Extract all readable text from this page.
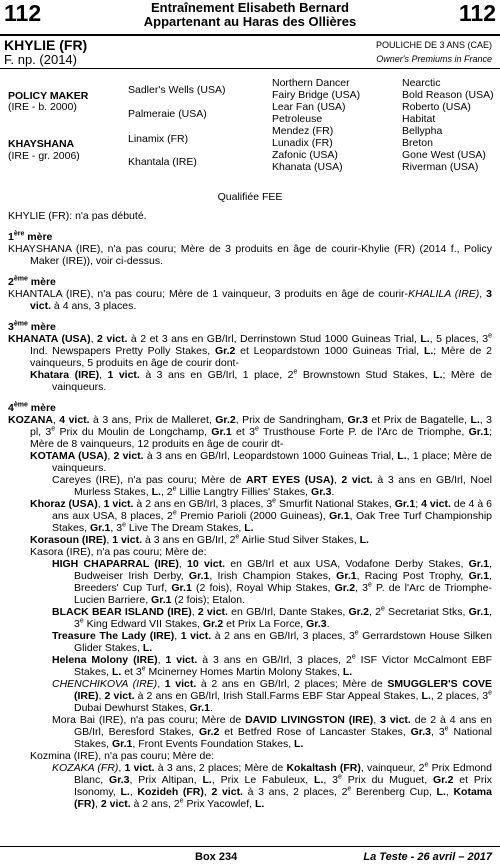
112	Entraînement Elisabeth Bernard
Appartenant au Haras des Ollières	112
KHYLIE (FR)
F. np. (2014)
POULICHE DE 3 ANS (CAE)
Owner's Premiums in France
POLICY MAKER
(IRE - b. 2000)
KHAYSHANA
(IRE - gr. 2006)
Sadler's Wells (USA)
Palmeraie (USA)
Linamix (FR)
Khantala (IRE)
Northern Dancer
Fairy Bridge (USA)
Lear Fan (USA)
Petroleuse
Mendez (FR)
Lunadix (FR)
Zafonic (USA)
Khanata (USA)
Nearctic
Bold Reason (USA)
Roberto (USA)
Habitat
Bellypha
Breton
Gone West (USA)
Riverman (USA)
Qualifiée FEE

KHYLIE (FR): n'a pas débuté.

1ère mère

KHAYSHANA (IRE), n'a pas couru; Mère de 3 produits en âge de courir-Khylie (FR) (2014 f., Policy Maker (IRE)), voir ci-dessus.

2ème mère

KHANTALA (IRE), n'a pas couru; Mère de 1 vainqueur, 3 produits en âge de courir-KHALILA (IRE), 3 vict. à 4 ans, 3 places.

3ème mère

KHANATA (USA), 2 vict. à 2 et 3 ans en GB/Irl, Derrinstown Stud 1000 Guineas Trial, L., 5 places, 3e Ind. Newspapers Pretty Polly Stakes, Gr.2 et Leopardstown 1000 Guineas Trial, L.; Mère de 2 vainqueurs, 5 produits en âge de courir dont-

Khatara (IRE), 1 vict. à 3 ans en GB/Irl, 1 place, 2e Brownstown Stud Stakes, L.; Mère de vainqueurs.

4ème mère

KOZANA, 4 vict. à 3 ans, Prix de Malleret, Gr.2, Prix de Sandringham, Gr.3 et Prix de Bagatelle, L., 3 pl, 3e Prix du Moulin de Longchamp, Gr.1 et 3e Trusthouse Forte P. de l'Arc de Triomphe, Gr.1; Mère de 8 vainqueurs, 12 produits en âge de courir dt-

KOTAMA (USA), 2 vict. à 3 ans en GB/Irl, Leopardstown 1000 Guineas Trial, L., 1 place; Mère de vainqueurs.

Careyes (IRE), n'a pas couru; Mère de ART EYES (USA), 2 vict. à 3 ans en GB/Irl, Noel Murless Stakes, L., 2e Lillie Langtry Fillies' Stakes, Gr.3.

Khoraz (USA), 1 vict. à 2 ans en GB/Irl, 3 places, 3e Smurfit National Stakes, Gr.1; 4 vict. de 4 à 6 ans aux USA, 8 places, 2e Premio Parioli (2000 Guineas), Gr.1, Oak Tree Turf Championship Stakes, Gr.1, 3e Live The Dream Stakes, L.

Korasoun (IRE), 1 vict. à 3 ans en GB/Irl, 2e Airlie Stud Silver Stakes, L.

Kasora (IRE), n'a pas couru; Mère de:

HIGH CHAPARRAL (IRE), 10 vict. en GB/Irl et aux USA, Vodafone Derby Stakes, Gr.1, Budweiser Irish Derby, Gr.1, Irish Champion Stakes, Gr.1, Racing Post Trophy, Gr.1, Breeders' Cup Turf, Gr.1 (2 fois), Royal Whip Stakes, Gr.2, 3e P. de l'Arc de Triomphe-Lucien Barriere, Gr.1 (2 fois); Etalon.

BLACK BEAR ISLAND (IRE), 2 vict. en GB/Irl, Dante Stakes, Gr.2, 2e Secretariat Stks, Gr.1, 3e King Edward VII Stakes, Gr.2 et Prix La Force, Gr.3.

Treasure The Lady (IRE), 1 vict. à 2 ans en GB/Irl, 3 places, 3e Gerrardstown House Silken Glider Stakes, L.

Helena Molony (IRE), 1 vict. à 3 ans en GB/Irl, 3 places, 2e ISF Victor McCalmont EBF Stakes, L. et 3e Mcinerney Homes Martin Molony Stakes, L.

CHENCHIKOVA (IRE), 1 vict. à 2 ans en GB/Irl, 2 places; Mère de SMUGGLER'S COVE (IRE), 2 vict. à 2 ans en GB/Irl, Irish Stall.Farms EBF Star Appeal Stakes, L., 2 places, 3e Dubai Dewhurst Stakes, Gr.1.

Mora Bai (IRE), n'a pas couru; Mère de DAVID LIVINGSTON (IRE), 3 vict. de 2 à 4 ans en GB/Irl, Beresford Stakes, Gr.2 et Betfred Rose of Lancaster Stakes, Gr.3, 3e National Stakes, Gr.1, Front Events Foundation Stakes, L.

Kozmina (IRE), n'a pas couru; Mère de:

KOZAKA (FR), 1 vict. à 3 ans, 2 places; Mère de Kokaltash (FR), vainqueur, 2e Prix Edmond Blanc, Gr.3, Prix Altipan, L., Prix Le Fabuleux, L., 3e Prix du Muguet, Gr.2 et Prix Isonomy, L., Kozideh (FR), 2 vict. à 3 ans, 2 places, 2e Berenberg Cup, L., Kotama (FR), 2 vict. à 2 ans, 2e Prix Yacowlef, L.

Box 234	La Teste - 26 avril – 2017
